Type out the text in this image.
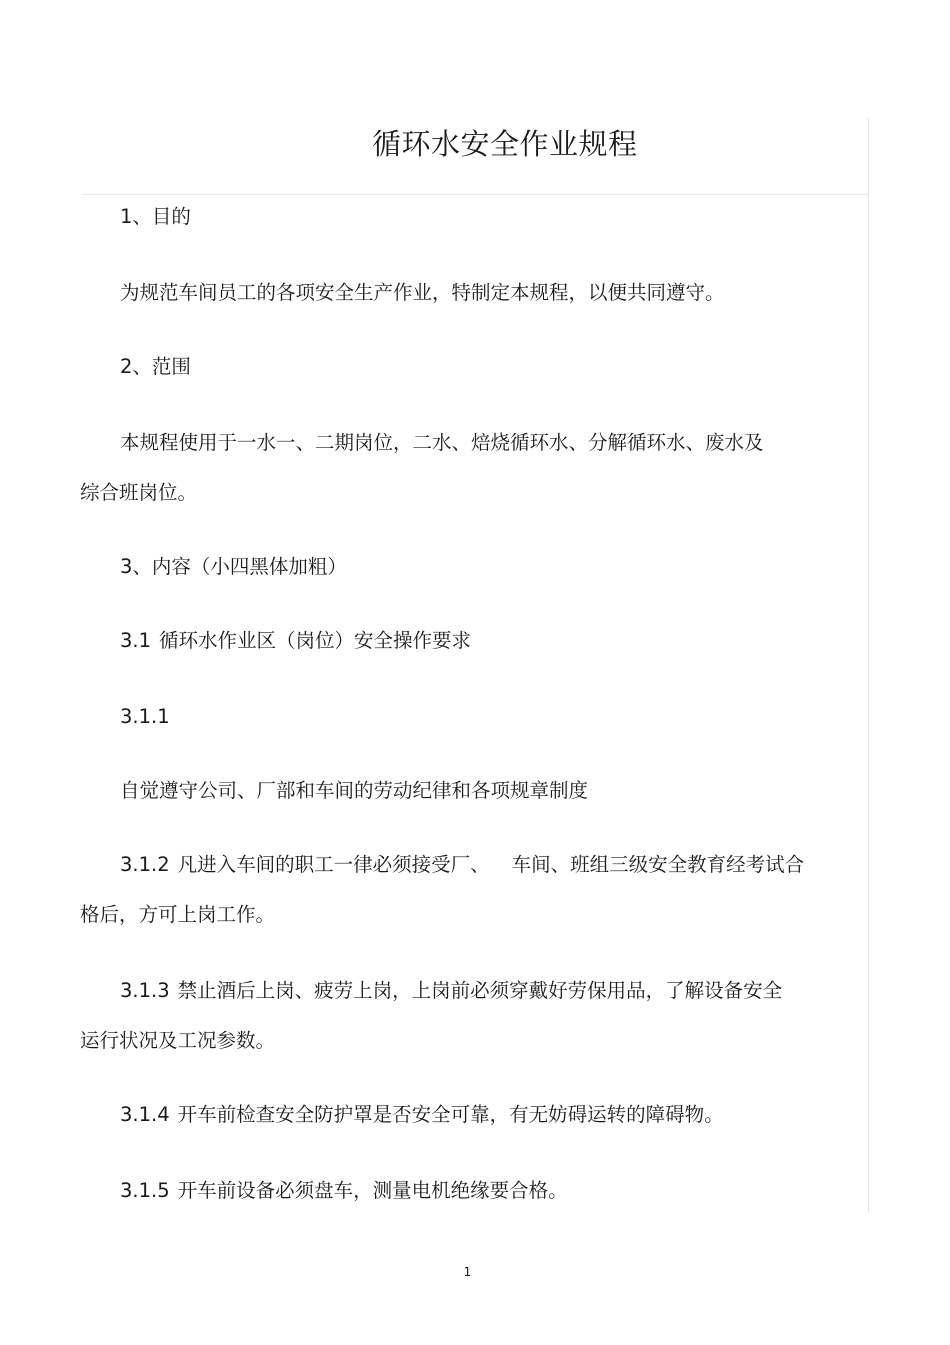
循环水安全作业规程
1、目的
为规范车间员工的各项安全生产作业，特制定本规程，以便共同遵守。
2、范围
本规程使用于一水一、二期岗位，二水、焙烧循环水、分解循环水、废水及
综合班岗位。
3、内容（小四黑体加粗）
3.1 循环水作业区（岗位）安全操作要求
3.1.1
自觉遵守公司、厂部和车间的劳动纪律和各项规章制度
3.1.2 凡进入车间的职工一律必须接受厂、 车间、班组三级安全教育经考试合
格后，方可上岗工作。
3.1.3 禁止酒后上岗、疲劳上岗，上岗前必须穿戴好劳保用品，了解设备安全
运行状况及工况参数。
3.1.4 开车前检查安全防护罩是否安全可靠，有无妨碍运转的障碍物。
3.1.5 开车前设备必须盘车，测量电机绝缘要合格。
1
